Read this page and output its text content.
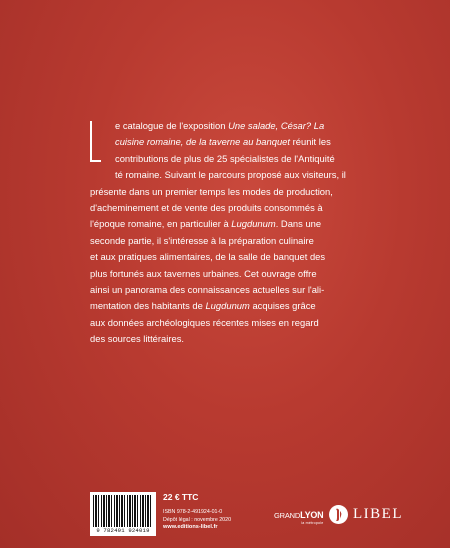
e catalogue de l'exposition Une salade, César? La
cuisine romaine, de la taverne au banquet réunit les
contributions de plus de 25 spécialistes de l'Antiquité
té romaine. Suivant le parcours proposé aux visiteurs, il
présente dans un premier temps les modes de production,
d'acheminement et de vente des produits consommés à
l'époque romaine, en particulier à Lugdunum. Dans une
seconde partie, il s'intéresse à la préparation culinaire
et aux pratiques alimentaires, de la salle de banquet des
plus fortunés aux tavernes urbaines. Cet ouvrage offre
ainsi un panorama des connaissances actuelles sur l'ali-
mentation des habitants de Lugdunum acquises grâce
aux données archéologiques récentes mises en regard
des sources littéraires.

9 782491 924019
22 € TTC
ISBN 978-2-491924-01-0
Dépôt légal : novembre 2020
www.editions-libel.fr
GRANDLYON
la métropole
LIBEL
